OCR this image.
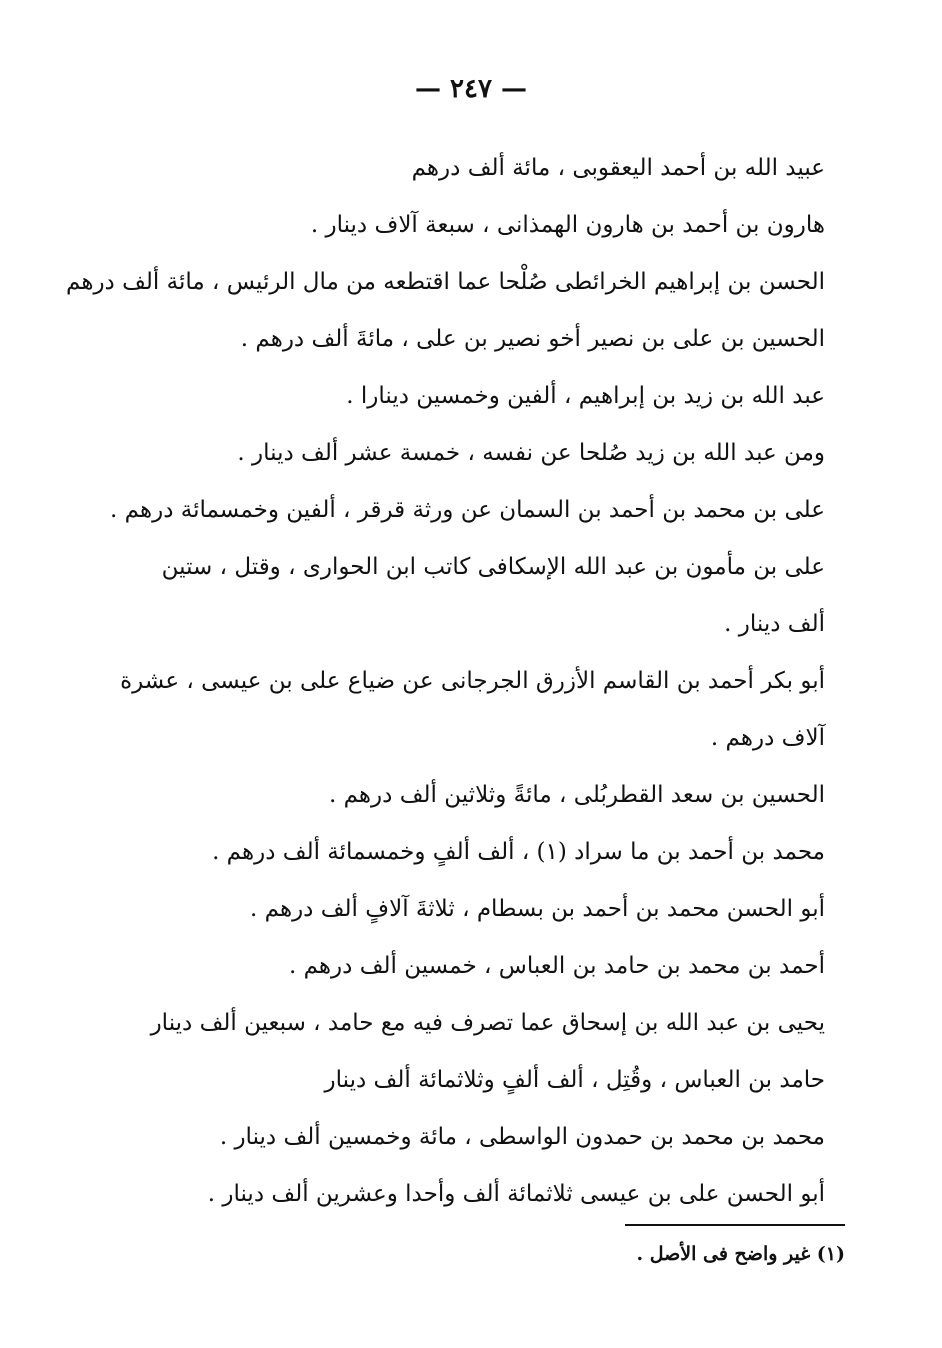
— ٢٤٧ —
عبيد الله بن أحمد اليعقوبى ، مائة ألف درهم
هارون بن أحمد بن هارون الهمذانى ، سبعة آلاف دينار .
الحسن بن إبراهيم الخرائطى صُلْحا عما اقتطعه من مال الرئيس ، مائة ألف درهم
الحسين بن على بن نصير أخو نصير بن على ، مائةَ ألف درهم .
عبد الله بن زيد بن إبراهيم ، ألفين وخمسين دينارا .
ومن عبد الله بن زيد صُلحا عن نفسه ، خمسة عشر ألف دينار .
على بن محمد بن أحمد بن السمان عن ورثة قرقر ، ألفين وخمسمائة درهم .
على بن مأمون بن عبد الله الإسكافى كاتب ابن الحوارى ، وقتل ، ستين
ألف دينار .
أبو بكر أحمد بن القاسم الأزرق الجرجانى عن ضياع على بن عيسى ، عشرة
آلاف درهم .
الحسين بن سعد القطربُلى ، مائةً وثلاثين ألف درهم .
محمد بن أحمد بن ما سراد (١) ، ألف ألفٍ وخمسمائة ألف درهم .
أبو الحسن محمد بن أحمد بن بسطام ، ثلاثةَ آلافٍ ألف درهم .
أحمد بن محمد بن حامد بن العباس ، خمسين ألف درهم .
يحيى بن عبد الله بن إسحاق عما تصرف فيه مع حامد ، سبعين ألف دينار
حامد بن العباس ، وقُتِل ، ألف ألفٍ وثلاثمائة ألف دينار
محمد بن محمد بن حمدون الواسطى ، مائة وخمسين ألف دينار .
أبو الحسن على بن عيسى ثلاثمائة ألف وأحدا وعشرين ألف دينار .
(١) غير واضح فى الأصل .
